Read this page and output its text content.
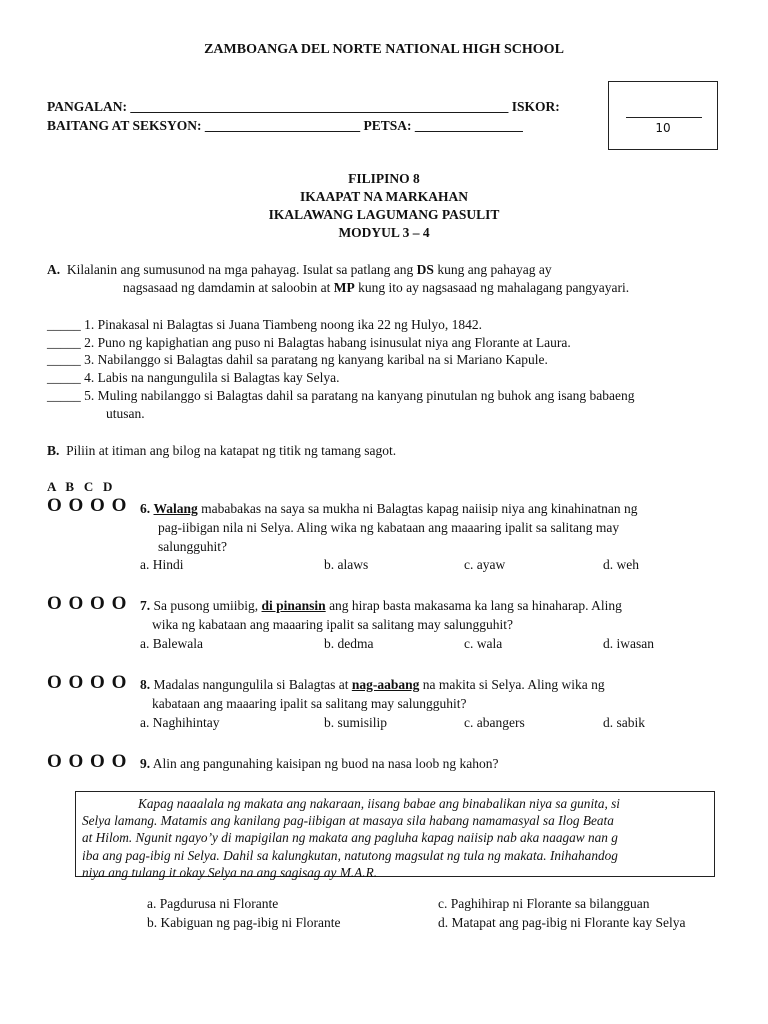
ZAMBOANGA DEL NORTE NATIONAL HIGH SCHOOL
PANGALAN: ________________________________________________________ ISKOR:
BAITANG AT SEKSYON: _______________________ PETSA: ________________	10
FILIPINO 8
IKAAPAT NA MARKAHAN
IKALAWANG LAGUMANG PASULIT
MODYUL 3 – 4
A. Kilalanin ang sumusunod na mga pahayag. Isulat sa patlang ang DS kung ang pahayag ay
nagsasaad ng damdamin at saloobin at MP kung ito ay nagsasaad ng mahalagang pangyayari.
_____ 1. Pinakasal ni Balagtas si Juana Tiambeng noong ika 22 ng Hulyo, 1842.
_____ 2. Puno ng kapighatian ang puso ni Balagtas habang isinusulat niya ang Florante at Laura.
_____ 3. Nabilanggo si Balagtas dahil sa paratang ng kanyang karibal na si Mariano Kapule.
_____ 4. Labis na nangungulila si Balagtas kay Selya.
_____ 5. Muling nabilanggo si Balagtas dahil sa paratang na kanyang pinutulan ng buhok ang isang babaeng
utusan.
B. Piliin at itiman ang bilog na katapat ng titik ng tamang sagot.
A   B   C   D
O O O O 6. Walang mababakas na saya sa mukha ni Balagtas kapag naiisip niya ang kinahinatnan ng
pag-iibigan nila ni Selya. Aling wika ng kabataan ang maaaring ipalit sa salitang may
salungguhit?
a. Hindi	b. alaws	c. ayaw	d. weh
O O O O 7. Sa pusong umiibig, di pinansin ang hirap basta makasama ka lang sa hinaharap. Aling
wika ng kabataan ang maaaring ipalit sa salitang may salungguhit?
a. Balewala	b. dedma	c. wala	d. iwasan
O O O O 8. Madalas nangungulila si Balagtas at nag-aabang na makita si Selya. Aling wika ng
kabataan ang maaaring ipalit sa salitang may salungguhit?
a. Naghihintay	b. sumisilip	c. abangers	d. sabik
O O O O 9. Alin ang pangunahing kaisipan ng buod na nasa loob ng kahon?
Kapag naaalala ng makata ang nakaraan, iisang babae ang binabalikan niya sa gunita, si
Selya lamang. Matamis ang kanilang pag-iibigan at masaya sila habang namamasyal sa Ilog Beata
at Hilom. Ngunit ngayo’y di mapigilan ng makata ang pagluha kapag naiisip nab aka naagaw nan g
iba ang pag-ibig ni Selya. Dahil sa kalungkutan, natutong magsulat ng tula ng makata. Inihahandog
niya ang tulang it okay Selya na ang sagisag ay M.A.R.
a. Pagdurusa ni Florante	c. Paghihirap ni Florante sa bilangguan
b. Kabiguan ng pag-ibig ni Florante	d. Matapat ang pag-ibig ni Florante kay Selya
